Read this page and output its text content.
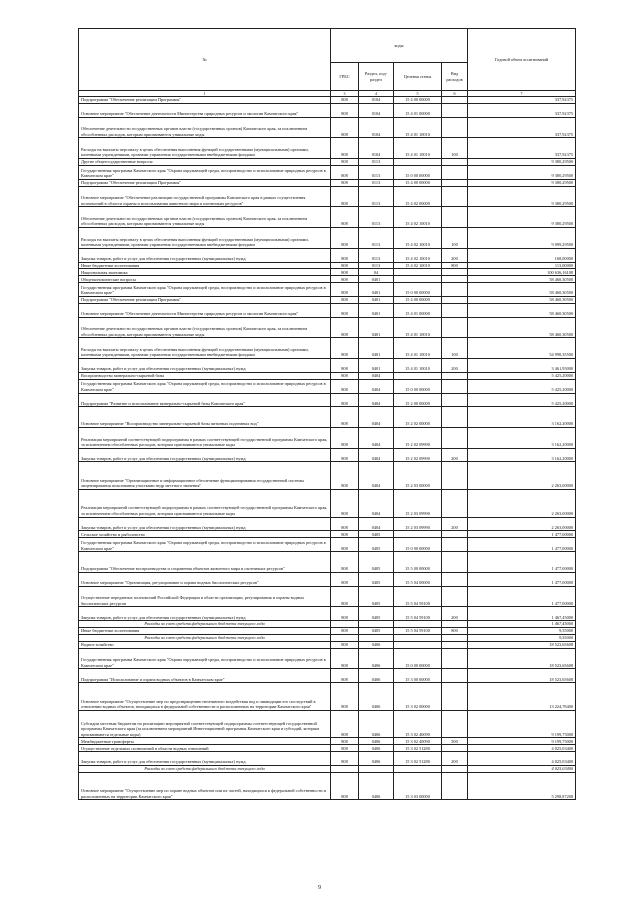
№	коды				Годовой объем ассигнований
	ГРБС	Раздел, под-раздел	Целевая статья	Вид расходов	
1	3	4	5	6	7
Подпрограмма "Обеспечение реализации Программы"	808	0104	15 4 00 00000		337,92375
Основное мероприятие "Обеспечение деятельности Министерства природных ресурсов и экологии Камчатского края"	808	0104	15 4 01 00000		337,92375
Обеспечение деятельности государственных органов власти (государственных органов) Камчатского края, за исключением обособленных расходов, которым присваиваются уникальные коды	808	0104	15 4 01 10010		337,92375
Расходы на выплаты персоналу в целях обеспечения выполнения функций государственными (муниципальными) органами, казенными учреждениями, органами управления государственными внебюджетными фондами	808	0104	15 4 01 10010	100	337,92375
Другие общегосударственные вопросы	808	0113			9 380,29500
Государственная программа Камчатского края "Охрана окружающей среды, воспроизводство и использование природных ресурсов в Камчатском крае"	808	0113	15 0 00 00000		9 380,29500
Подпрограмма "Обеспечение реализации Программы"	808	0113	15 4 00 00000		9 380,29500
Основное мероприятие "Обеспечение реализации государственной программы Камчатского края в рамках осуществления полномочий в области охраны и использования животного мира и охотничьих ресурсов"	808	0113	15 4 02 00000		9 380,29500
Обеспечение деятельности государственных органов власти (государственных органов) Камчатского края, за исключением обособленных расходов, которым присваиваются уникальные коды	808	0113	15 4 02 10010		9 380,29500
Расходы на выплаты персоналу в целях обеспечения выполнения функций государственными (муниципальными) органами, казенными учреждениями, органами управления государственными внебюджетными фондами	808	0113	15 4 02 10010	100	9 099,29500
Закупка товаров, работ и услуг для обеспечения государственных (муниципальных) нужд	808	0113	15 4 02 10010	200	168,00000
Иные бюджетные ассигнования	808	0113	15 4 02 10010	800	113,00000
Национальная экономика	808	04			100 636,16108
Общеэкономические вопросы	808	0401			58 460,30500
Государственная программа Камчатского края "Охрана окружающей среды, воспроизводство и использование природных ресурсов в Камчатском крае"	808	0401	15 0 00 00000		58 460,30500
Подпрограмма "Обеспечение реализации Программы"	808	0401	15 4 00 00000		58 460,30500
Основное мероприятие "Обеспечение деятельности Министерства природных ресурсов и экологии Камчатского края"	808	0401	15 4 01 00000		58 460,30500
Обеспечение деятельности государственных органов власти (государственных органов) Камчатского края, за исключением обособленных расходов, которым присваиваются уникальные коды	808	0401	15 4 01 10010		58 460,30500
Расходы на выплаты персоналу в целях обеспечения выполнения функций государственными (муниципальными) органами, казенными учреждениями, органами управления государственными внебюджетными фондами	808	0401	15 4 01 10010	100	54 998,35500
Закупка товаров, работ и услуг для обеспечения государственных (муниципальных) нужд	808	0401	15 4 01 10010	200	3 461,95000
Воспроизводство минерально-сырьевой базы	808	0404			5 425,20000
Государственная программа Камчатского края "Охрана окружающей среды, воспроизводство и использование природных ресурсов в Камчатском крае"	808	0404	15 0 00 00000		5 425,20000
Подпрограмма "Развитие и использование минерально-сырьевой базы Камчатского края"	808	0404	15 2 00 00000		5 425,20000
Основное мероприятие "Воспроизводство минерально-сырьевой базы питьевых подземных вод"	808	0404	15 2 02 00000		3 162,20000
Реализация мероприятий соответствующей подпрограммы в рамках соответствующей государственной программы Камчатского края, за исключением обособленных расходов, которым присваиваются уникальные коды	808	0404	15 2 02 09990		3 162,20000
Закупка товаров, работ и услуг для обеспечения государственных (муниципальных) нужд	808	0404	15 2 02 09990	200	3 162,20000
Основное мероприятие "Организационное и информационное обеспечение функционирования государственной системы лицензирования пользования участками недр местного значения"	808	0404	15 2 03 00000		2 263,00000
Реализация мероприятий соответствующей подпрограммы в рамках соответствующей государственной программы Камчатского края, за исключением обособленных расходов, которым присваиваются уникальные коды	808	0404	15 2 03 09990		2 263,00000
Закупка товаров, работ и услуг для обеспечения государственных (муниципальных) нужд	808	0404	15 2 03 09990	200	2 263,00000
Сельское хозяйство и рыболовство	808	0405			1 477,00000
Государственная программа Камчатского края "Охрана окружающей среды, воспроизводство и использование природных ресурсов в Камчатском крае"	808	0405	15 0 00 00000		1 477,00000
Подпрограмма "Обеспечение воспроизводства и сохранения объектов животного мира и охотничьих ресурсов"	808	0405	15 5 00 00000		1 477,00000
Основное мероприятие "Организация, регулирование и охрана водных биологических ресурсов"	808	0405	15 5 04 00000		1 477,00000
Осуществление переданных полномочий Российской Федерации в области организации, регулирования и охраны водных биологических ресурсов	808	0405	15 5 04 59100		1 477,00000
Закупка товаров, работ и услуг для обеспечения государственных (муниципальных) нужд	808	0405	15 5 04 59100	200	1 467,45000
Расходы за счет средств федерального бюджета текущего года					1 467,45000
Иные бюджетные ассигнования	808	0405	15 5 04 59100	800	9,55000
Расходы за счет средств федерального бюджета текущего года					9,55000
Водное хозяйство	808	0406			18 523,65608
Государственная программа Камчатского края "Охрана окружающей среды, воспроизводство и использование природных ресурсов в Камчатском крае"	808	0406	15 0 00 00000		18 523,65608
Подпрограмма "Использование и охрана водных объектов в Камчатском крае"	808	0406	15 3 00 00000		18 523,65608
Основное мероприятие "Осуществление мер по предотвращению негативного воздействия вод и ликвидации его последствий в отношении водных объектов, находящихся в федеральной собственности и расположенных на территории Камчатского края"	808	0406	15 3 02 00000		13 224,78400
Субсидии местным бюджетам на реализацию мероприятий соответствующей подпрограммы соответствующей государственной программы Камчатского края (за исключением мероприятий Инвестиционной программы Камчатского края и субсидий, которым присваиваются отдельные коды)	808	0406	15 3 02 40090		9 199,75000
Межбюджетные трансферты	808	0406	15 3 02 40090	500	9 199,75000
Осуществление отдельных полномочий в области водных отношений	808	0406	15 3 02 51280		4 025,03400
Закупка товаров, работ и услуг для обеспечения государственных (муниципальных) нужд	808	0406	15 3 02 51280	200	4 025,03400
Расходы за счет средств федерального бюджета текущего года					4 025,03400
Основное мероприятие "Осуществление мер по охране водных объектов или их частей, находящихся в федеральной собственности и расположенных на территории Камчатского края"	808	0406	15 3 03 00000		5 298,87208
9
